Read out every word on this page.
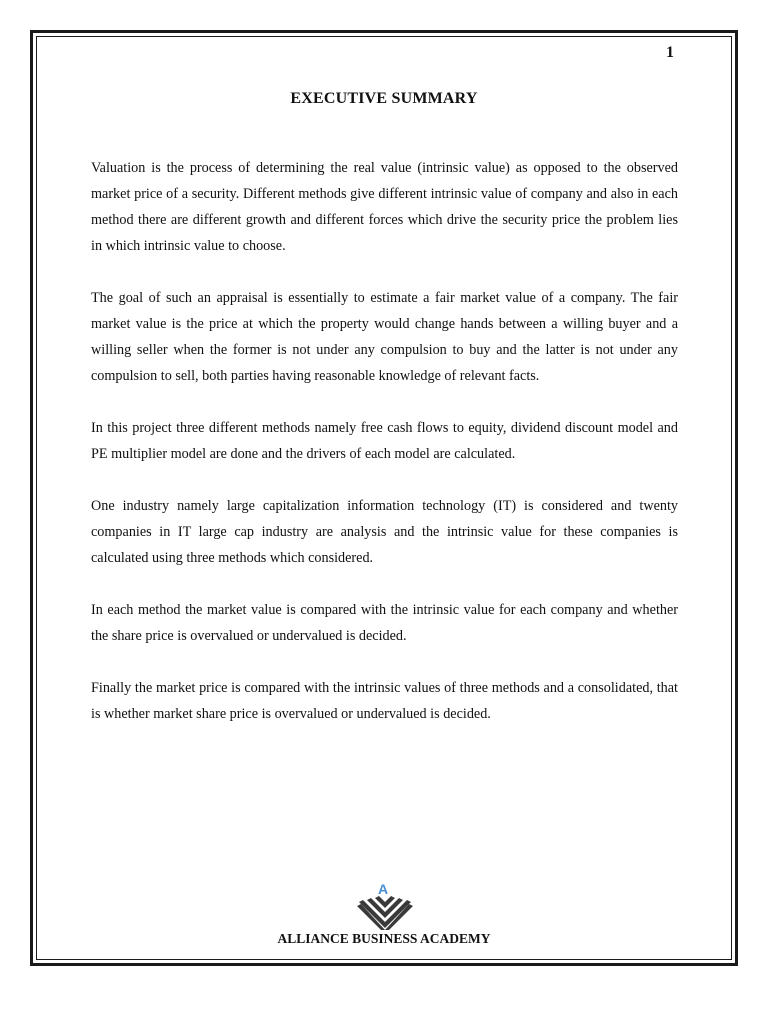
1
EXECUTIVE SUMMARY

Valuation is the process of determining the real value (intrinsic value) as opposed to the observed market price of a security. Different methods give different intrinsic value of company and also in each method there are different growth and different forces which drive the security price the problem lies in which intrinsic value to choose.

The goal of such an appraisal is essentially to estimate a fair market value of a company. The fair market value is the price at which the property would change hands between a willing buyer and a willing seller when the former is not under any compulsion to buy and the latter is not under any compulsion to sell, both parties having reasonable knowledge of relevant facts.

In this project three different methods namely free cash flows to equity, dividend discount model and PE multiplier model are done and the drivers of each model are calculated.

One industry namely large capitalization information technology (IT) is considered and twenty companies in IT large cap industry are analysis and the intrinsic value for these companies is calculated using three methods which considered.

In each method the market value is compared with the intrinsic value for each company and whether the share price is overvalued or undervalued is decided.

Finally the market price is compared with the intrinsic values of three methods and a consolidated, that is whether market share price is overvalued or undervalued is decided.

A
ALLIANCE BUSINESS ACADEMY
